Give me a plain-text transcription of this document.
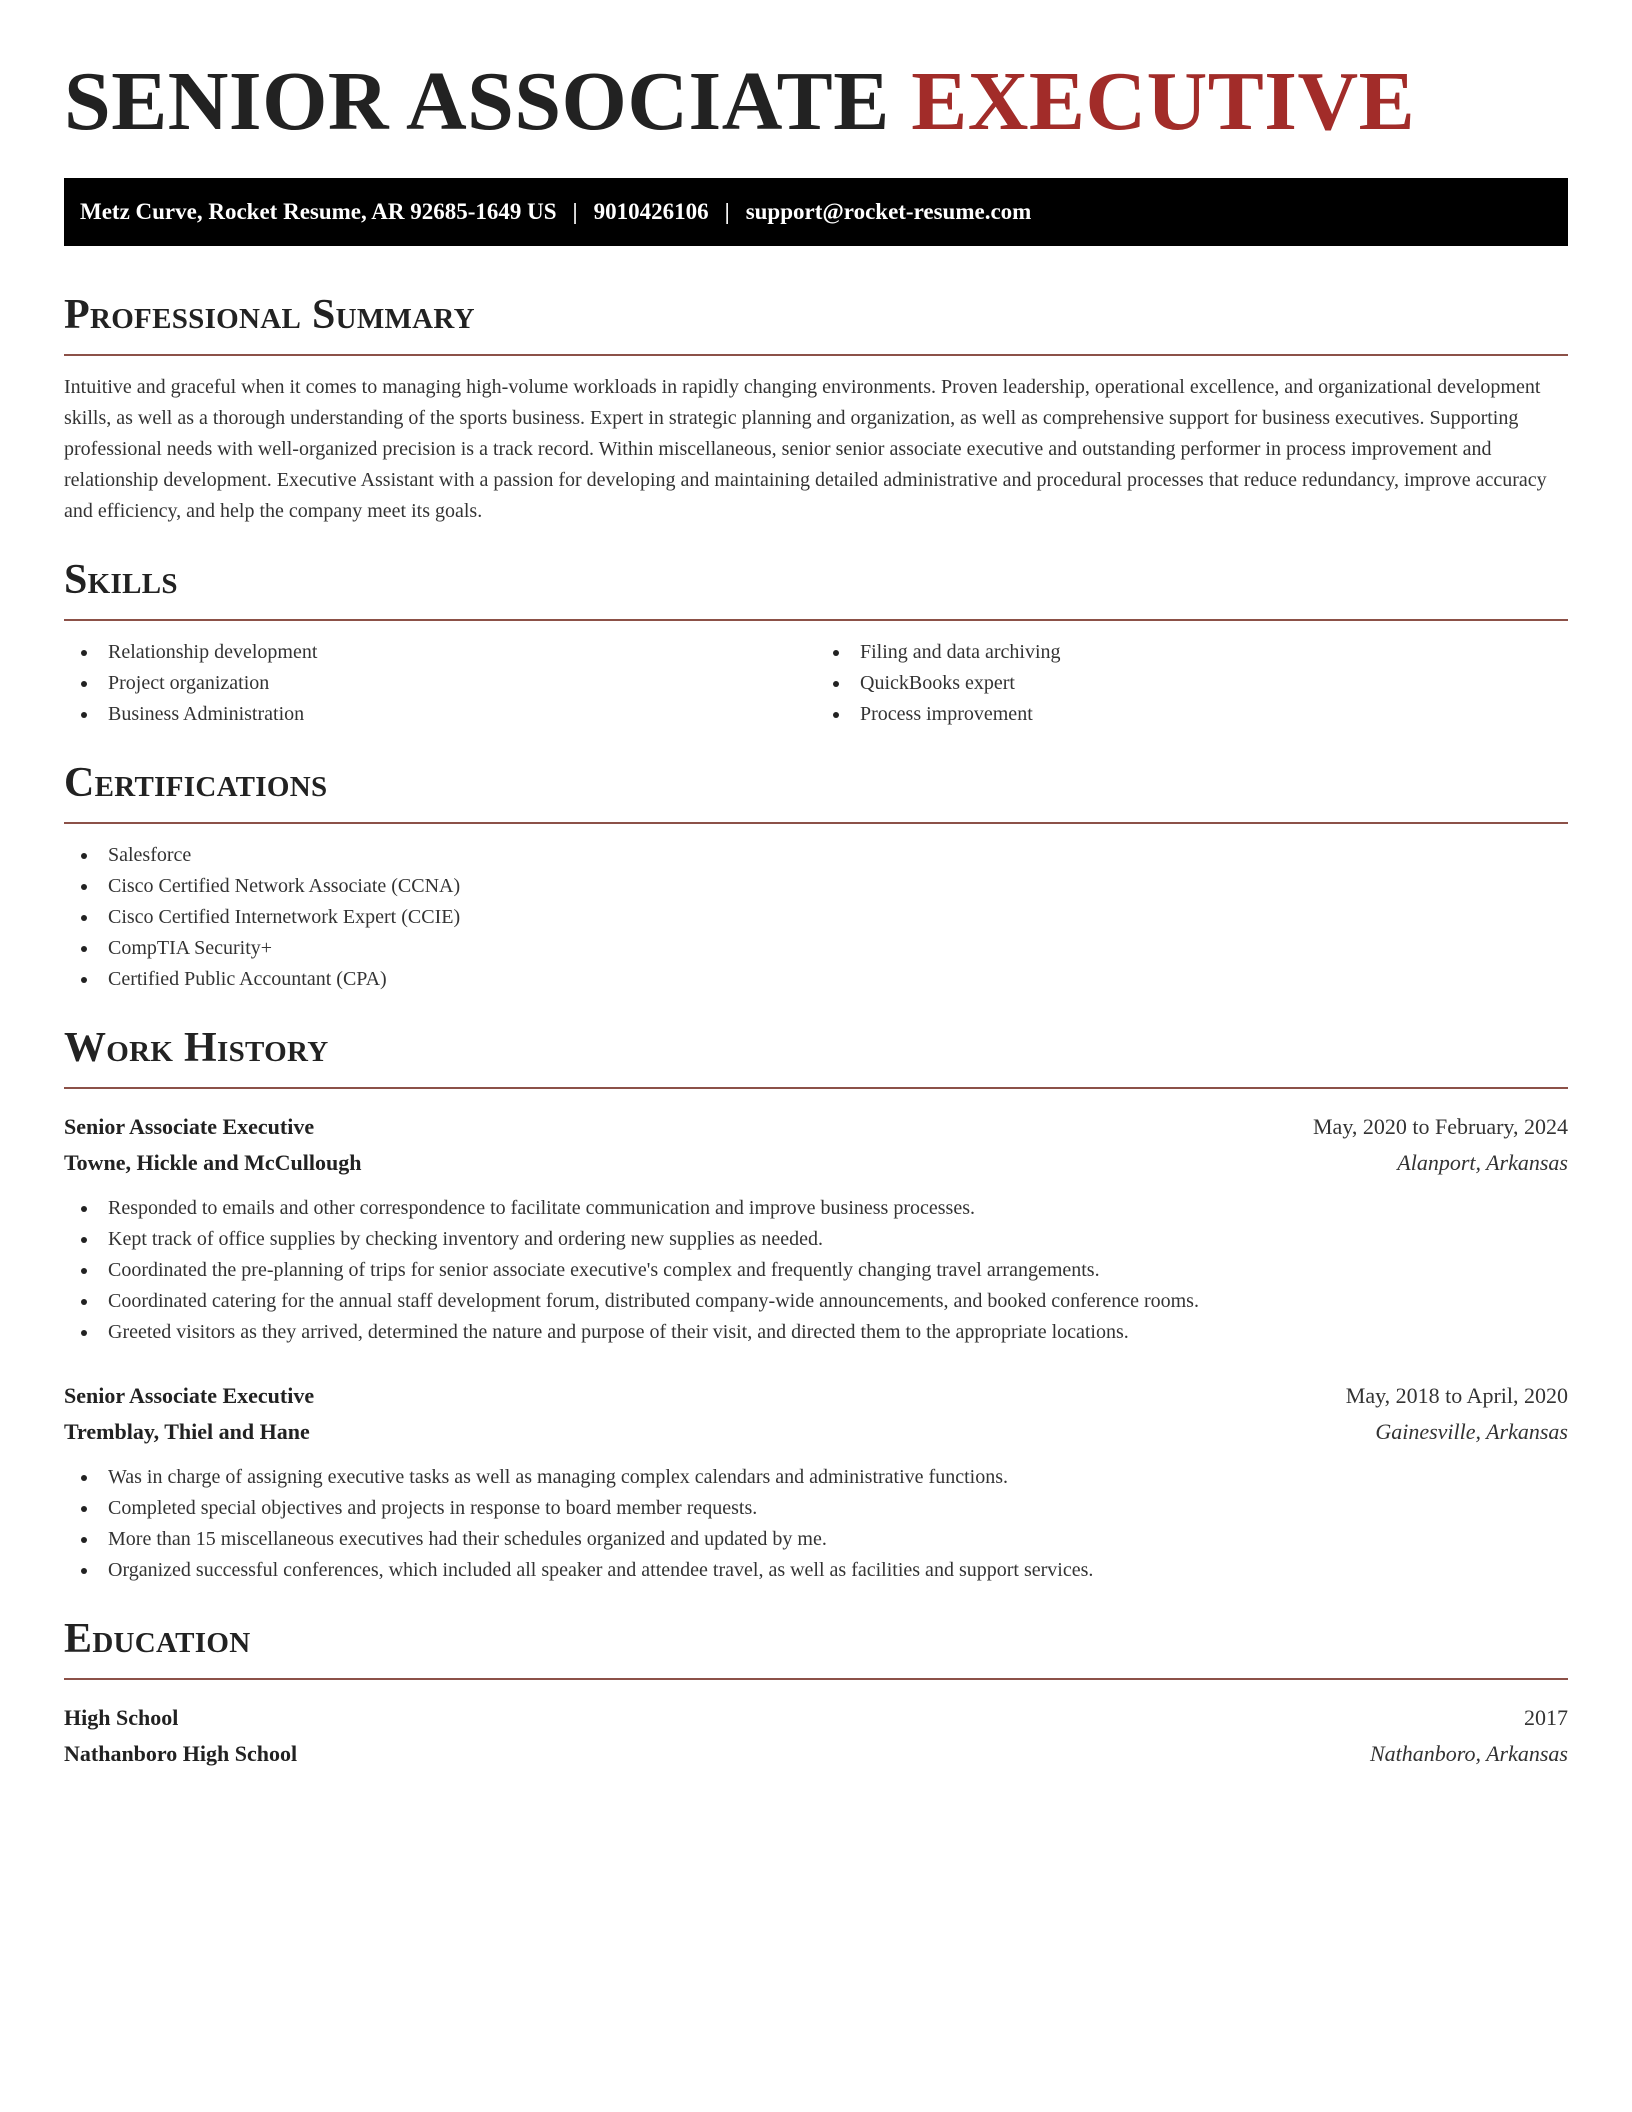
SENIOR ASSOCIATE EXECUTIVE
Metz Curve, Rocket Resume, AR 92685-1649 US | 9010426106 | support@rocket-resume.com
Professional Summary

Intuitive and graceful when it comes to managing high-volume workloads in rapidly changing environments. Proven leadership, operational excellence, and organizational development skills, as well as a thorough understanding of the sports business. Expert in strategic planning and organization, as well as comprehensive support for business executives. Supporting professional needs with well-organized precision is a track record. Within miscellaneous, senior senior associate executive and outstanding performer in process improvement and relationship development. Executive Assistant with a passion for developing and maintaining detailed administrative and procedural processes that reduce redundancy, improve accuracy and efficiency, and help the company meet its goals.

Skills
Relationship development
Project organization
Business Administration
Filing and data archiving
QuickBooks expert
Process improvement
Certifications
Salesforce
Cisco Certified Network Associate (CCNA)
Cisco Certified Internetwork Expert (CCIE)
CompTIA Security+
Certified Public Accountant (CPA)
Work History
Senior Associate Executive	May, 2020 to February, 2024
Towne, Hickle and McCullough	Alanport, Arkansas
Responded to emails and other correspondence to facilitate communication and improve business processes.
Kept track of office supplies by checking inventory and ordering new supplies as needed.
Coordinated the pre-planning of trips for senior associate executive's complex and frequently changing travel arrangements.
Coordinated catering for the annual staff development forum, distributed company-wide announcements, and booked conference rooms.
Greeted visitors as they arrived, determined the nature and purpose of their visit, and directed them to the appropriate locations.
Senior Associate Executive	May, 2018 to April, 2020
Tremblay, Thiel and Hane	Gainesville, Arkansas
Was in charge of assigning executive tasks as well as managing complex calendars and administrative functions.
Completed special objectives and projects in response to board member requests.
More than 15 miscellaneous executives had their schedules organized and updated by me.
Organized successful conferences, which included all speaker and attendee travel, as well as facilities and support services.
Education
High School	2017
Nathanboro High School	Nathanboro, Arkansas
